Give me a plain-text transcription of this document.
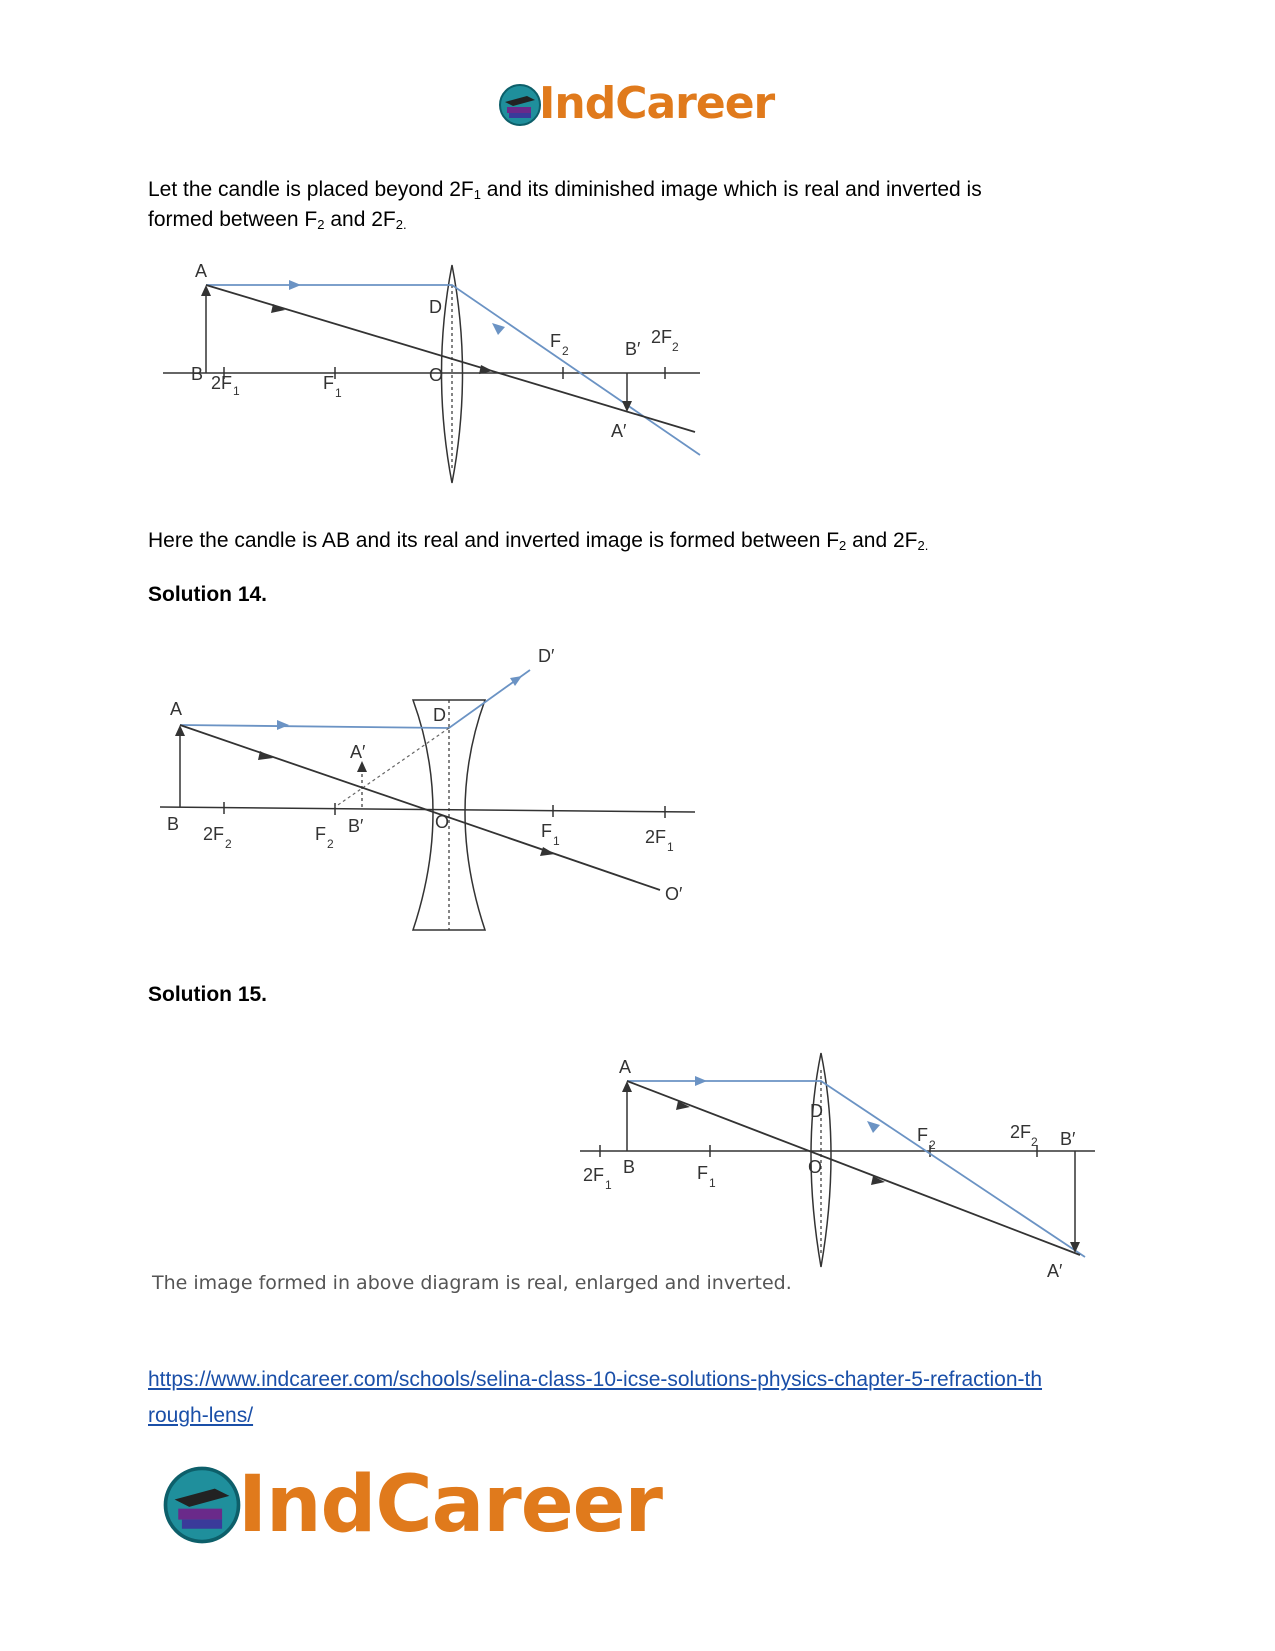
IndCareer
Let the candle is placed beyond $2F_1$ and its diminished image which is real and inverted is
formed between $F_2$ and $2F_{2.}$
A
B 2F 1	F 1
D
O
F 2	B′
2F 2
A′
Here the candle is AB and its real and inverted image is formed between $F_2$ and $2F_{2.}$
Solution 14.
A
B 2F 2	F 2
A′
B′
D
D′
O	F 1	2F 1
O′
Solution 15.
A
B
2F 1
F 1
D
O
F 2
2F 2 B′
A′
The image formed in above diagram is real, enlarged and inverted.
https://www.indcareer.com/schools/selina-class-10-icse-solutions-physics-chapter-5-refraction-th
rough-lens/
IndCareer
